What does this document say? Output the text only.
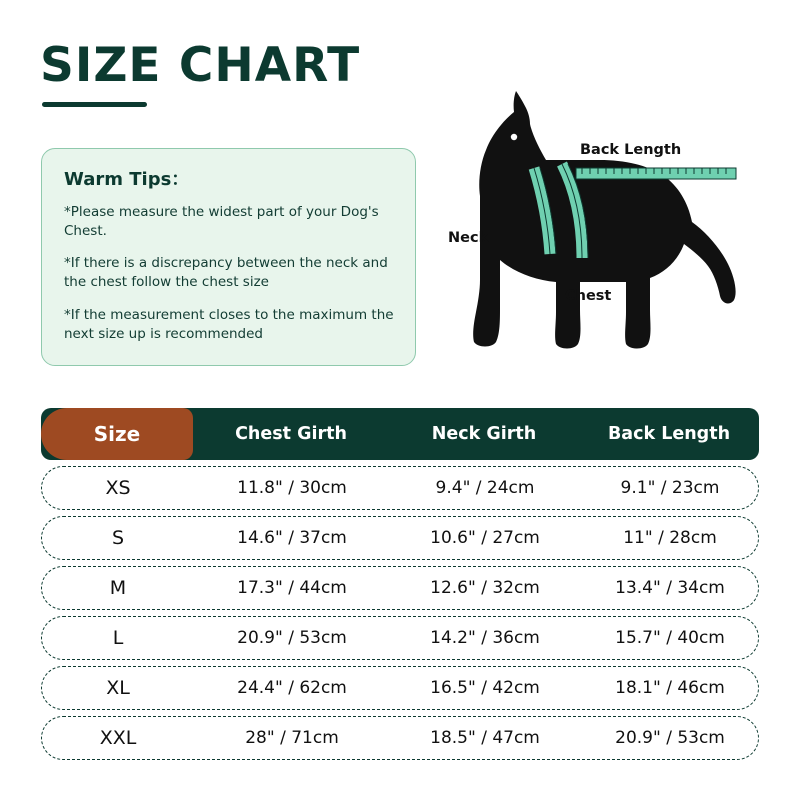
SIZE CHART
Warm Tips：
*Please measure the widest part of your Dog's Chest.
*If there is a discrepancy between the neck and the chest follow the chest size
*If the measurement closes to the maximum the next size up is recommended
Back Length
Neck
Chest
Size	Chest Girth	Neck Girth	Back Length
XS	11.8" / 30cm	9.4" / 24cm	9.1" / 23cm
S	14.6" / 37cm	10.6" / 27cm	11" / 28cm
M	17.3" / 44cm	12.6" / 32cm	13.4" / 34cm
L	20.9" / 53cm	14.2" / 36cm	15.7" / 40cm
XL	24.4" / 62cm	16.5" / 42cm	18.1" / 46cm
XXL	28" / 71cm	18.5" / 47cm	20.9" / 53cm
